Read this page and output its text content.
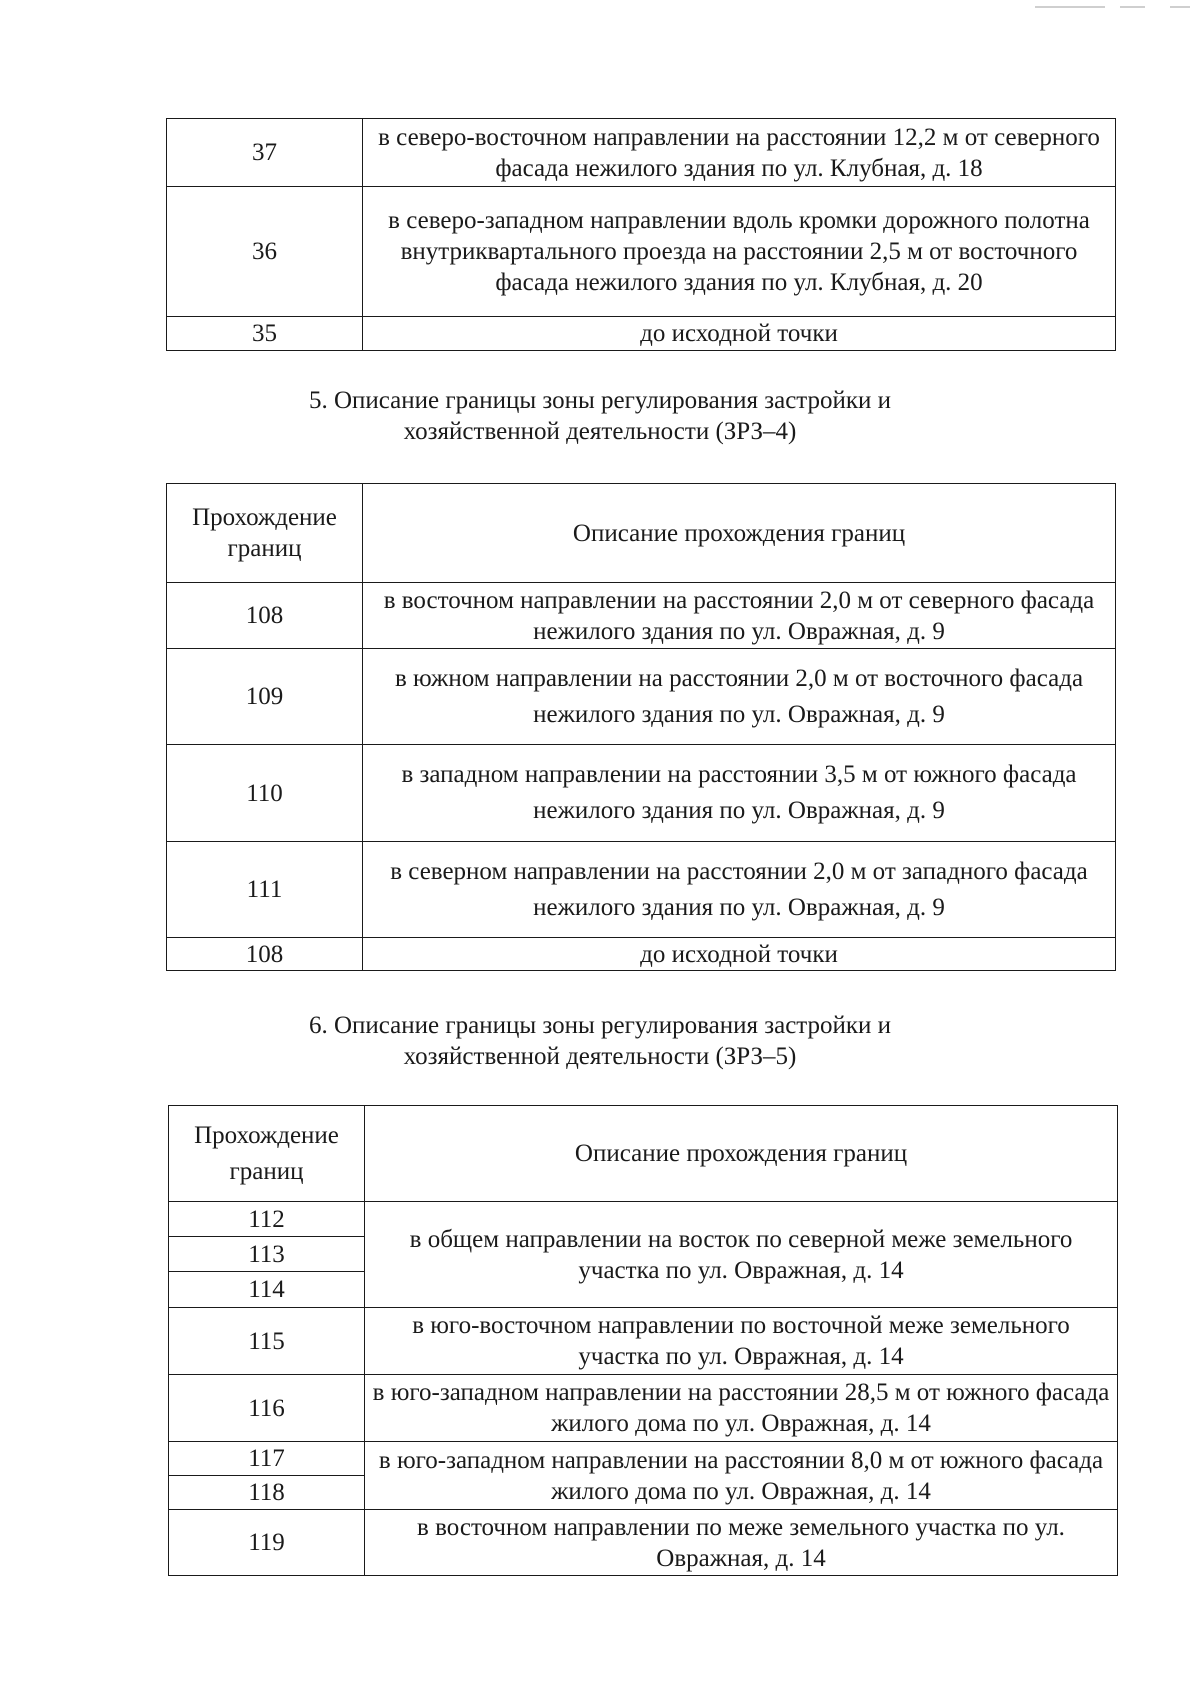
37	в северо-восточном направлении на расстоянии 12,2 м от северного фасада нежилого здания по ул. Клубная, д. 18
36	в северо-западном направлении вдоль кромки дорожного полотна внутриквартального проезда на расстоянии 2,5 м от восточного фасада нежилого здания по ул. Клубная, д. 20
35	до исходной точки
5. Описание границы зоны регулирования застройки и
хозяйственной деятельности (ЗРЗ–4)
Прохождение границ	Описание прохождения границ
108	в восточном направлении на расстоянии 2,0 м от северного фасада нежилого здания по ул. Овражная, д. 9
109	в южном направлении на расстоянии 2,0 м от восточного фасада нежилого здания по ул. Овражная, д. 9
110	в западном направлении на расстоянии 3,5 м от южного фасада нежилого здания по ул. Овражная, д. 9
111	в северном направлении на расстоянии 2,0 м от западного фасада нежилого здания по ул. Овражная, д. 9
108	до исходной точки
6. Описание границы зоны регулирования застройки и
хозяйственной деятельности (ЗРЗ–5)
Прохождение границ	Описание прохождения границ
112	в общем направлении на восток по северной меже земельного участка по ул. Овражная, д. 14
113	
114	
115	в юго-восточном направлении по восточной меже земельного участка по ул. Овражная, д. 14
116	в юго-западном направлении на расстоянии 28,5 м от южного фасада жилого дома по ул. Овражная, д. 14
117	в юго-западном направлении на расстоянии 8,0 м от южного фасада жилого дома по ул. Овражная, д. 14
118	
119	в восточном направлении по меже земельного участка по ул. Овражная, д. 14
